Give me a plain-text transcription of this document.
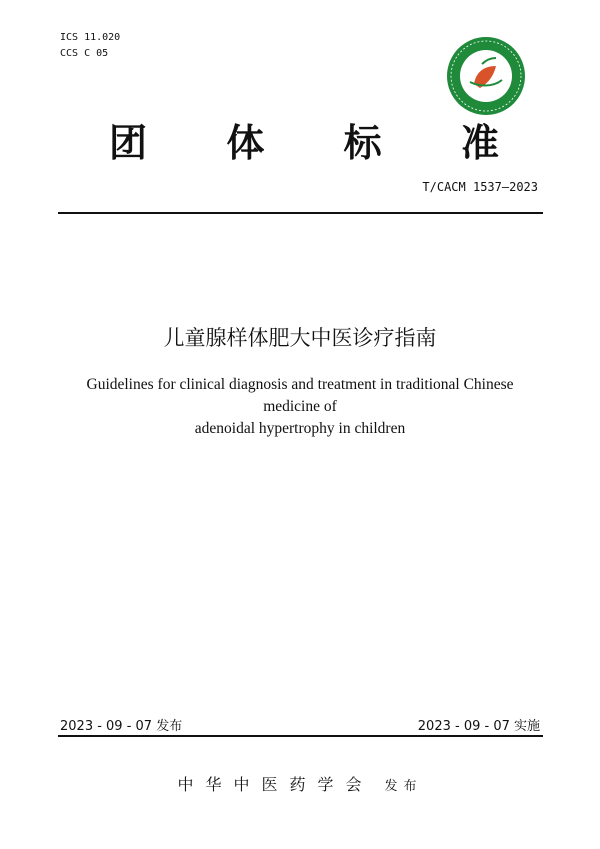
ICS 11.020
CCS C 05
团 体 标 准
T/CACM 1537—2023
儿童腺样体肥大中医诊疗指南
Guidelines for clinical diagnosis and treatment in traditional Chinese medicine of
adenoidal hypertrophy in children
2023 - 09 - 07 发布	2023 - 09 - 07 实施
中华中医药学会 发布
